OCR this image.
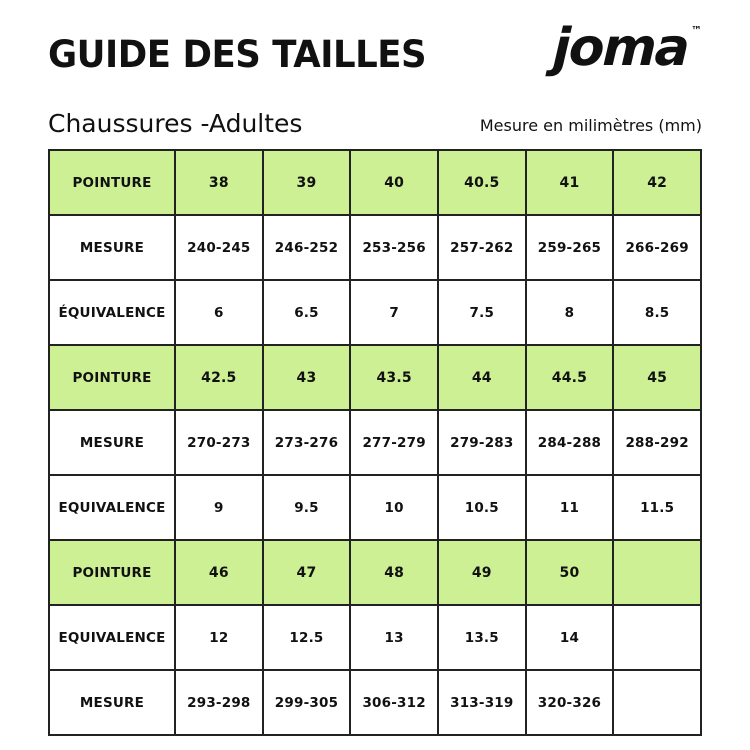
GUIDE DES TAILLES joma ™
Chaussures -Adultes	Mesure en milimètres (mm)
POINTURE	38	39	40	40.5	41	42
MESURE	240-245	246-252	253-256	257-262	259-265	266-269
ÉQUIVALENCE	6	6.5	7	7.5	8	8.5
POINTURE	42.5	43	43.5	44	44.5	45
MESURE	270-273	273-276	277-279	279-283	284-288	288-292
EQUIVALENCE	9	9.5	10	10.5	11	11.5
POINTURE	46	47	48	49	50	
EQUIVALENCE	12	12.5	13	13.5	14	
MESURE	293-298	299-305	306-312	313-319	320-326	
